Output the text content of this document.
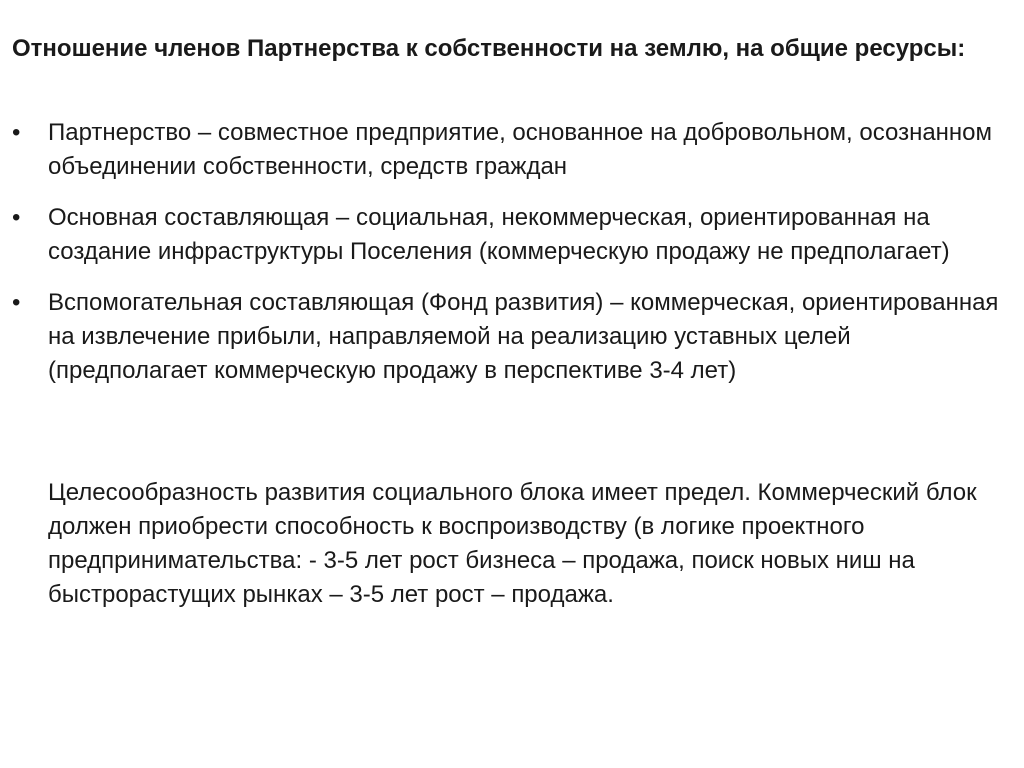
Отношение членов Партнерства к собственности на землю, на общие ресурсы:
•	Партнерство – совместное предприятие, основанное на добровольном, осознанном объединении собственности, средств граждан
•	Основная составляющая – социальная, некоммерческая, ориентированная на создание инфраструктуры Поселения (коммерческую продажу не предполагает)
•	Вспомогательная составляющая (Фонд развития) – коммерческая, ориентированная на извлечение прибыли, направляемой на реализацию уставных целей (предполагает коммерческую продажу в перспективе 3-4 лет)

Целесообразность развития социального блока имеет предел. Коммерческий блок должен приобрести способность к воспроизводству (в логике проектного предпринимательства: - 3-5 лет рост бизнеса – продажа, поиск новых ниш на быстрорастущих рынках – 3-5 лет рост – продажа.
